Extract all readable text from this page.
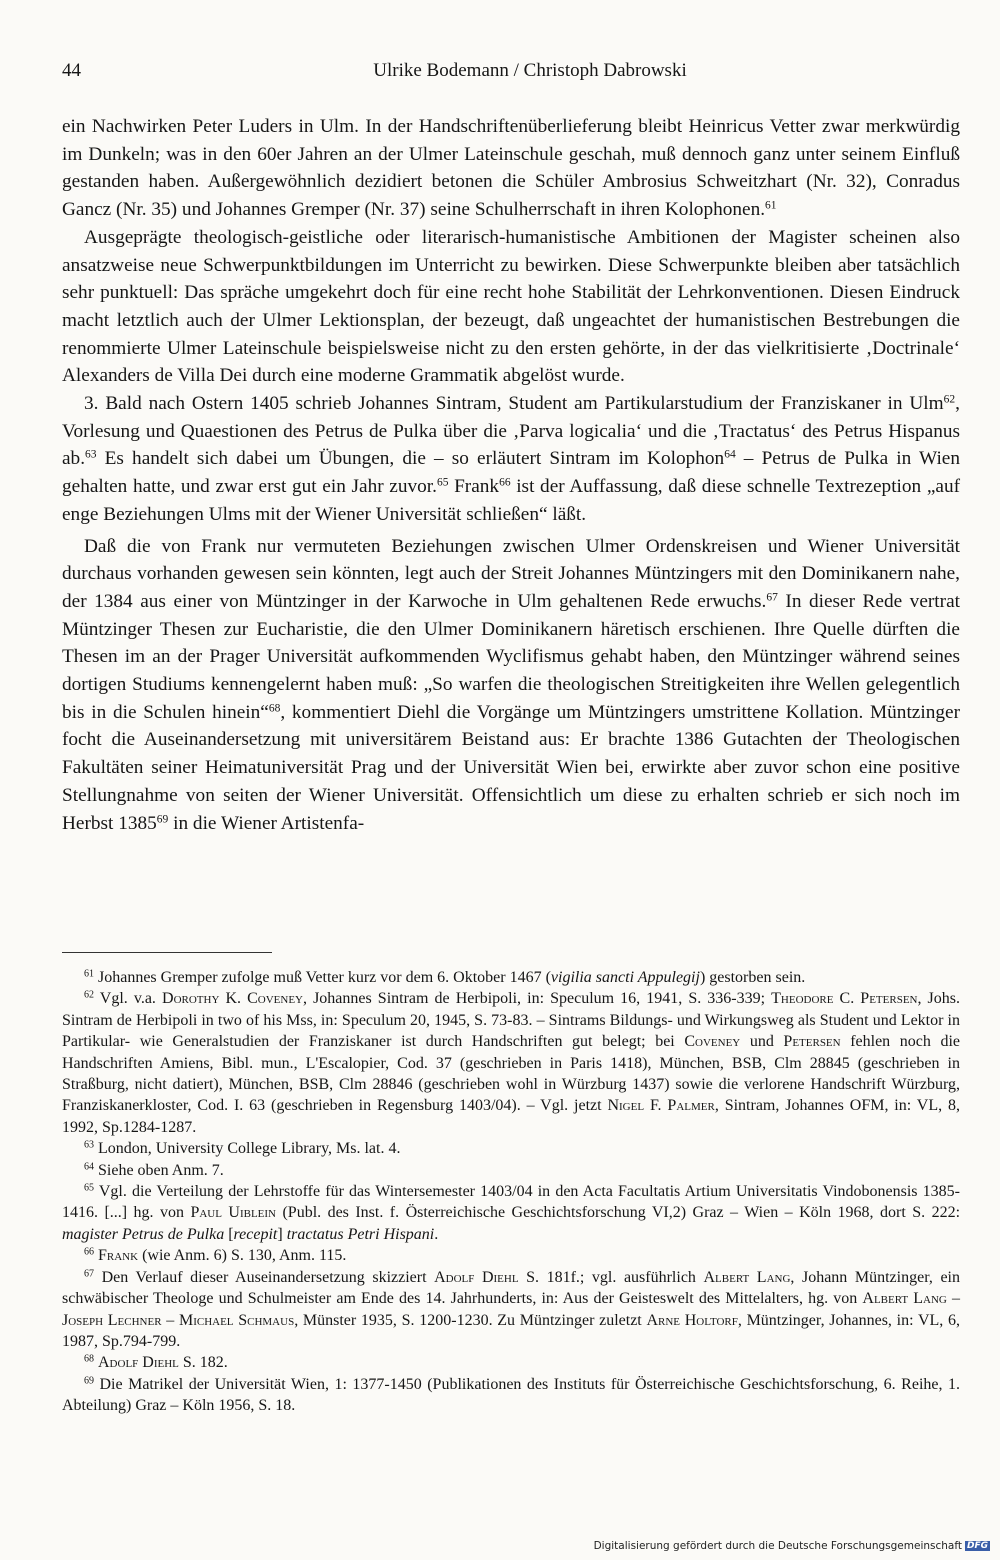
44	Ulrike Bodemann / Christoph Dabrowski

ein Nachwirken Peter Luders in Ulm. In der Handschriftenüberlieferung bleibt Heinricus Vetter zwar merkwürdig im Dunkeln; was in den 60er Jahren an der Ulmer Lateinschule geschah, muß dennoch ganz unter seinem Einfluß gestanden haben. Außergewöhnlich dezidiert betonen die Schüler Ambrosius Schweitzhart (Nr. 32), Conradus Gancz (Nr. 35) und Johannes Gremper (Nr. 37) seine Schulherrschaft in ihren Kolophonen.$^{61}$

Ausgeprägte theologisch-geistliche oder literarisch-humanistische Ambitionen der Magister scheinen also ansatzweise neue Schwerpunktbildungen im Unterricht zu bewirken. Diese Schwerpunkte bleiben aber tatsächlich sehr punktuell: Das spräche umgekehrt doch für eine recht hohe Stabilität der Lehrkonventionen. Diesen Eindruck macht letztlich auch der Ulmer Lektionsplan, der bezeugt, daß ungeachtet der humanistischen Bestrebungen die renommierte Ulmer Lateinschule beispielsweise nicht zu den ersten gehörte, in der das vielkritisierte ‚Doctrinale‘ Alexanders de Villa Dei durch eine moderne Grammatik abgelöst wurde.

3. Bald nach Ostern 1405 schrieb Johannes Sintram, Student am Partikularstudium der Franziskaner in Ulm$^{62}$, Vorlesung und Quaestionen des Petrus de Pulka über die ‚Parva logicalia‘ und die ‚Tractatus‘ des Petrus Hispanus ab.$^{63}$ Es handelt sich dabei um Übungen, die – so erläutert Sintram im Kolophon$^{64}$ – Petrus de Pulka in Wien gehalten hatte, und zwar erst gut ein Jahr zuvor.$^{65}$ Frank$^{66}$ ist der Auffassung, daß diese schnelle Textrezeption „auf enge Beziehungen Ulms mit der Wiener Universität schließen“ läßt.

Daß die von Frank nur vermuteten Beziehungen zwischen Ulmer Ordenskreisen und Wiener Universität durchaus vorhanden gewesen sein könnten, legt auch der Streit Johannes Müntzingers mit den Dominikanern nahe, der 1384 aus einer von Müntzinger in der Karwoche in Ulm gehaltenen Rede erwuchs.$^{67}$ In dieser Rede vertrat Müntzinger Thesen zur Eucharistie, die den Ulmer Dominikanern häretisch erschienen. Ihre Quelle dürften die Thesen im an der Prager Universität aufkommenden Wyclifismus gehabt haben, den Müntzinger während seines dortigen Studiums kennengelernt haben muß: „So warfen die theologischen Streitigkeiten ihre Wellen gelegentlich bis in die Schulen hinein“$^{68}$, kommentiert Diehl die Vorgänge um Müntzingers umstrittene Kollation. Müntzinger focht die Auseinandersetzung mit universitärem Beistand aus: Er brachte 1386 Gutachten der Theologischen Fakultäten seiner Heimatuniversität Prag und der Universität Wien bei, erwirkte aber zuvor schon eine positive Stellungnahme von seiten der Wiener Universität. Offensichtlich um diese zu erhalten schrieb er sich noch im Herbst 1385$^{69}$ in die Wiener Artistenfa-

$^{61}$ Johannes Gremper zufolge muß Vetter kurz vor dem 6. Oktober 1467 (vigilia sancti Appulegij) gestorben sein.

$^{62}$ Vgl. v.a. Dorothy K. Coveney, Johannes Sintram de Herbipoli, in: Speculum 16, 1941, S. 336-339; Theodore C. Petersen, Johs. Sintram de Herbipoli in two of his Mss, in: Speculum 20, 1945, S. 73-83. – Sintrams Bildungs- und Wirkungsweg als Student und Lektor in Partikular- wie Generalstudien der Franziskaner ist durch Handschriften gut belegt; bei Coveney und Petersen fehlen noch die Handschriften Amiens, Bibl. mun., L'Escalopier, Cod. 37 (geschrieben in Paris 1418), München, BSB, Clm 28845 (geschrieben in Straßburg, nicht datiert), München, BSB, Clm 28846 (geschrieben wohl in Würzburg 1437) sowie die verlorene Handschrift Würzburg, Franziskanerkloster, Cod. I. 63 (geschrieben in Regensburg 1403/04). – Vgl. jetzt Nigel F. Palmer, Sintram, Johannes OFM, in: VL, 8, 1992, Sp.1284-1287.

$^{63}$ London, University College Library, Ms. lat. 4.

$^{64}$ Siehe oben Anm. 7.

$^{65}$ Vgl. die Verteilung der Lehrstoffe für das Wintersemester 1403/04 in den Acta Facultatis Artium Universitatis Vindobonensis 1385-1416. [...] hg. von Paul Uiblein (Publ. des Inst. f. Österreichische Geschichtsforschung VI,2) Graz – Wien – Köln 1968, dort S. 222: magister Petrus de Pulka [recepit] tractatus Petri Hispani.

$^{66}$ Frank (wie Anm. 6) S. 130, Anm. 115.

$^{67}$ Den Verlauf dieser Auseinandersetzung skizziert Adolf Diehl S. 181f.; vgl. ausführlich Albert Lang, Johann Müntzinger, ein schwäbischer Theologe und Schulmeister am Ende des 14. Jahrhunderts, in: Aus der Geisteswelt des Mittelalters, hg. von Albert Lang – Joseph Lechner – Michael Schmaus, Münster 1935, S. 1200-1230. Zu Müntzinger zuletzt Arne Holtorf, Müntzinger, Johannes, in: VL, 6, 1987, Sp.794-799.

$^{68}$ Adolf Diehl S. 182.

$^{69}$ Die Matrikel der Universität Wien, 1: 1377-1450 (Publikationen des Instituts für Österreichische Geschichtsforschung, 6. Reihe, 1. Abteilung) Graz – Köln 1956, S. 18.

Digitalisierung gefördert durch die Deutsche Forschungsgemeinschaft DFG
